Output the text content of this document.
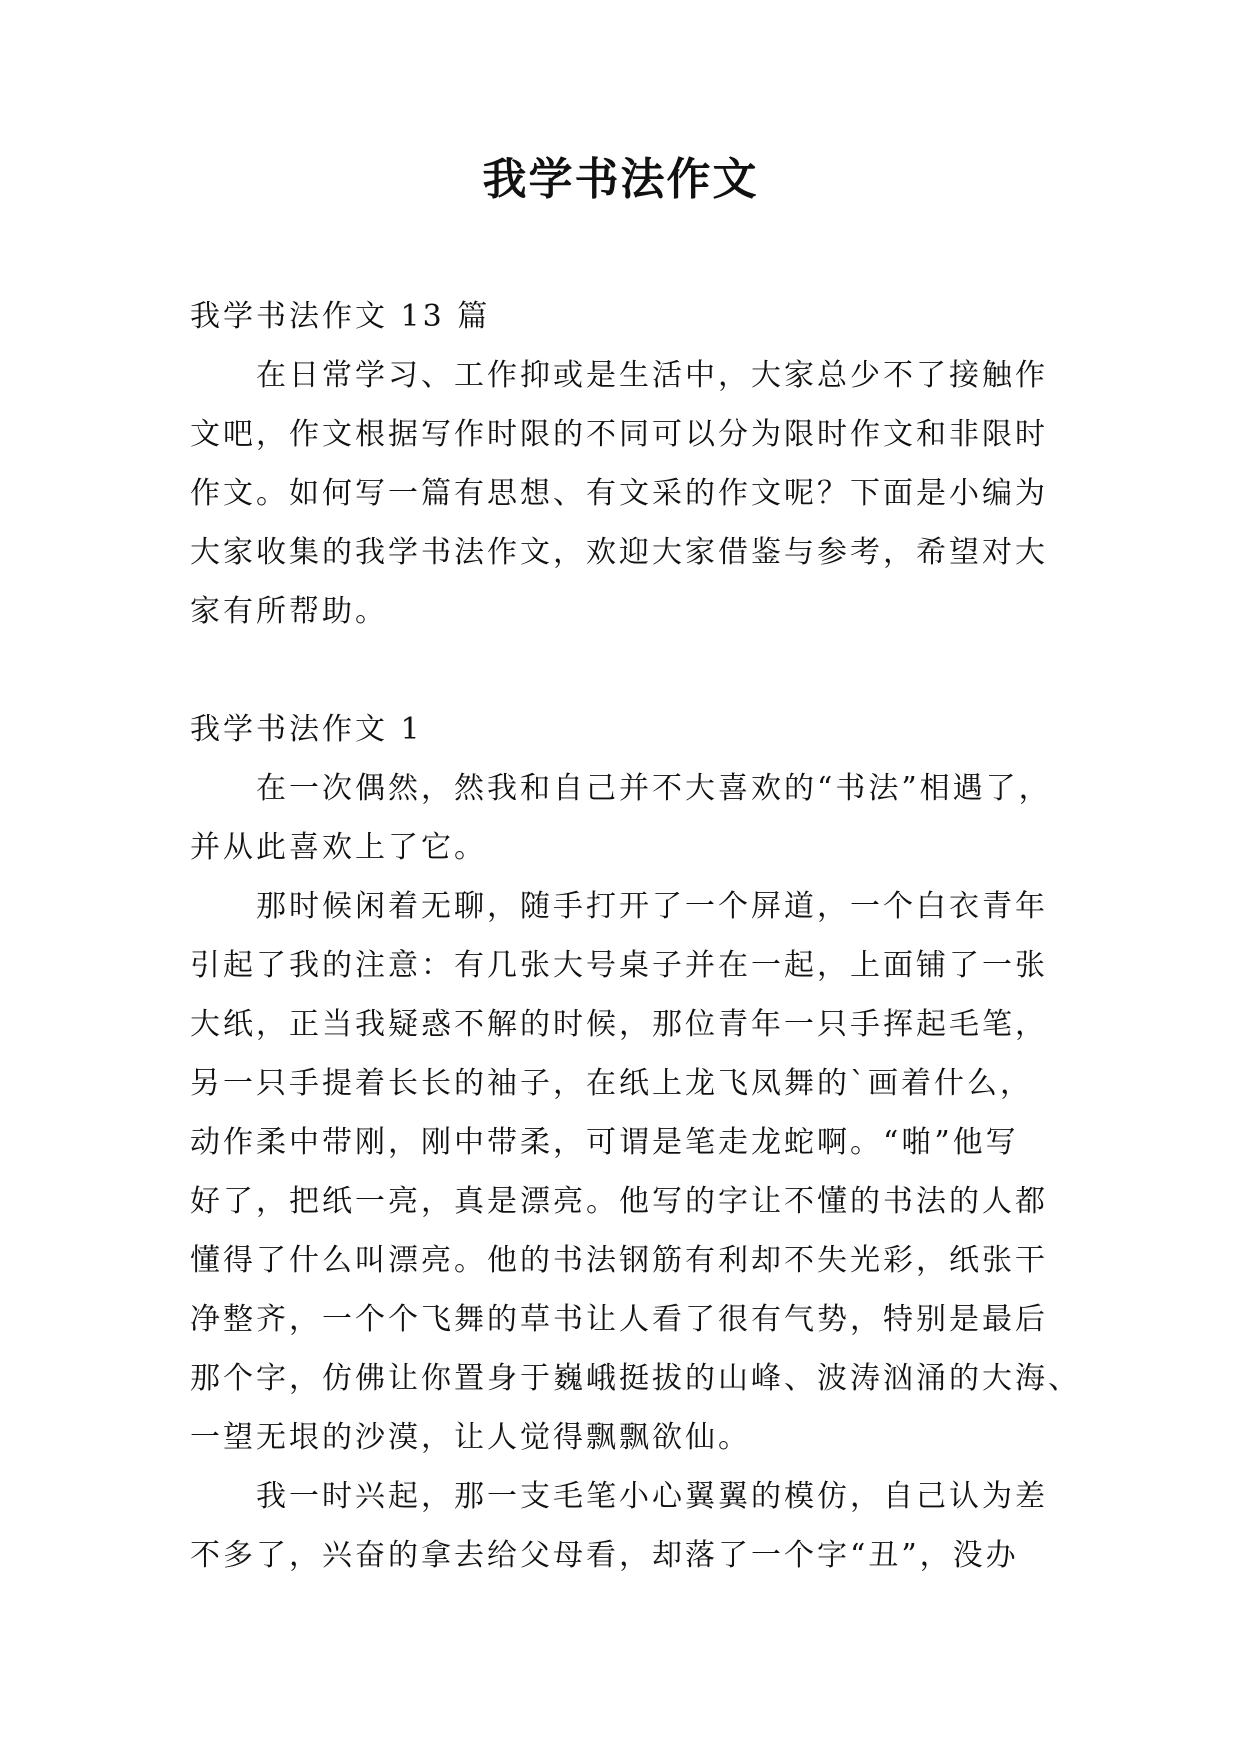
我学书法作文

我学书法作文 13 篇

在日常学习、工作抑或是生活中，大家总少不了接触作

文吧，作文根据写作时限的不同可以分为限时作文和非限时

作文。如何写一篇有思想、有文采的作文呢？下面是小编为

大家收集的我学书法作文，欢迎大家借鉴与参考，希望对大

家有所帮助。

我学书法作文 1

在一次偶然，然我和自己并不大喜欢的“书法”相遇了，

并从此喜欢上了它。

那时候闲着无聊，随手打开了一个屏道，一个白衣青年

引起了我的注意：有几张大号桌子并在一起，上面铺了一张

大纸，正当我疑惑不解的时候，那位青年一只手挥起毛笔，

另一只手提着长长的袖子，在纸上龙飞凤舞的`画着什么，

动作柔中带刚，刚中带柔，可谓是笔走龙蛇啊。“啪”他写

好了，把纸一亮，真是漂亮。他写的字让不懂的书法的人都

懂得了什么叫漂亮。他的书法钢筋有利却不失光彩，纸张干

净整齐，一个个飞舞的草书让人看了很有气势，特别是最后

那个字，仿佛让你置身于巍峨挺拔的山峰、波涛汹涌的大海、

一望无垠的沙漠，让人觉得飘飘欲仙。

我一时兴起，那一支毛笔小心翼翼的模仿，自己认为差

不多了，兴奋的拿去给父母看，却落了一个字“丑”，没办
